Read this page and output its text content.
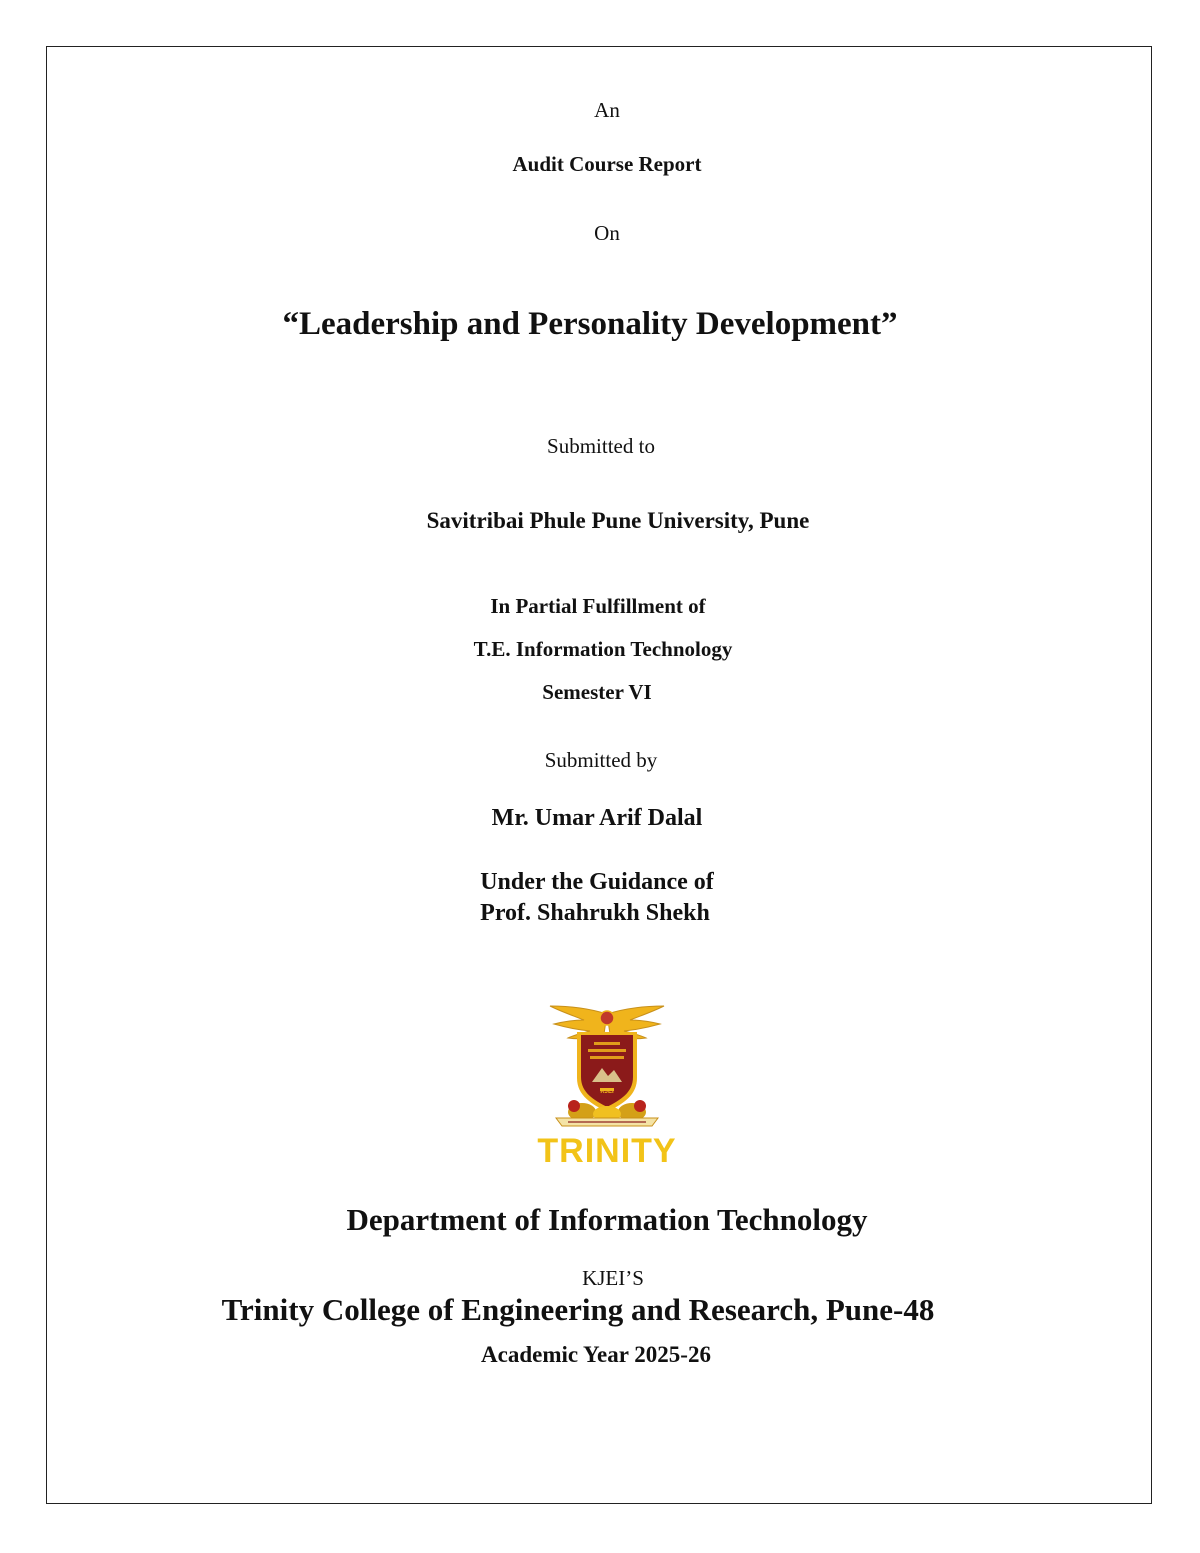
An
Audit Course Report
On
“Leadership and Personality Development”
Submitted to
Savitribai Phule Pune University, Pune
In Partial Fulfillment of
T.E. Information Technology
Semester VI
Submitted by
Mr. Umar Arif Dalal
Under the Guidance of
Prof. Shahrukh Shekh
TRINITY
KJEI
Department of Information Technology
KJEI’S
Trinity College of Engineering and Research, Pune-48
Academic Year 2025-26
